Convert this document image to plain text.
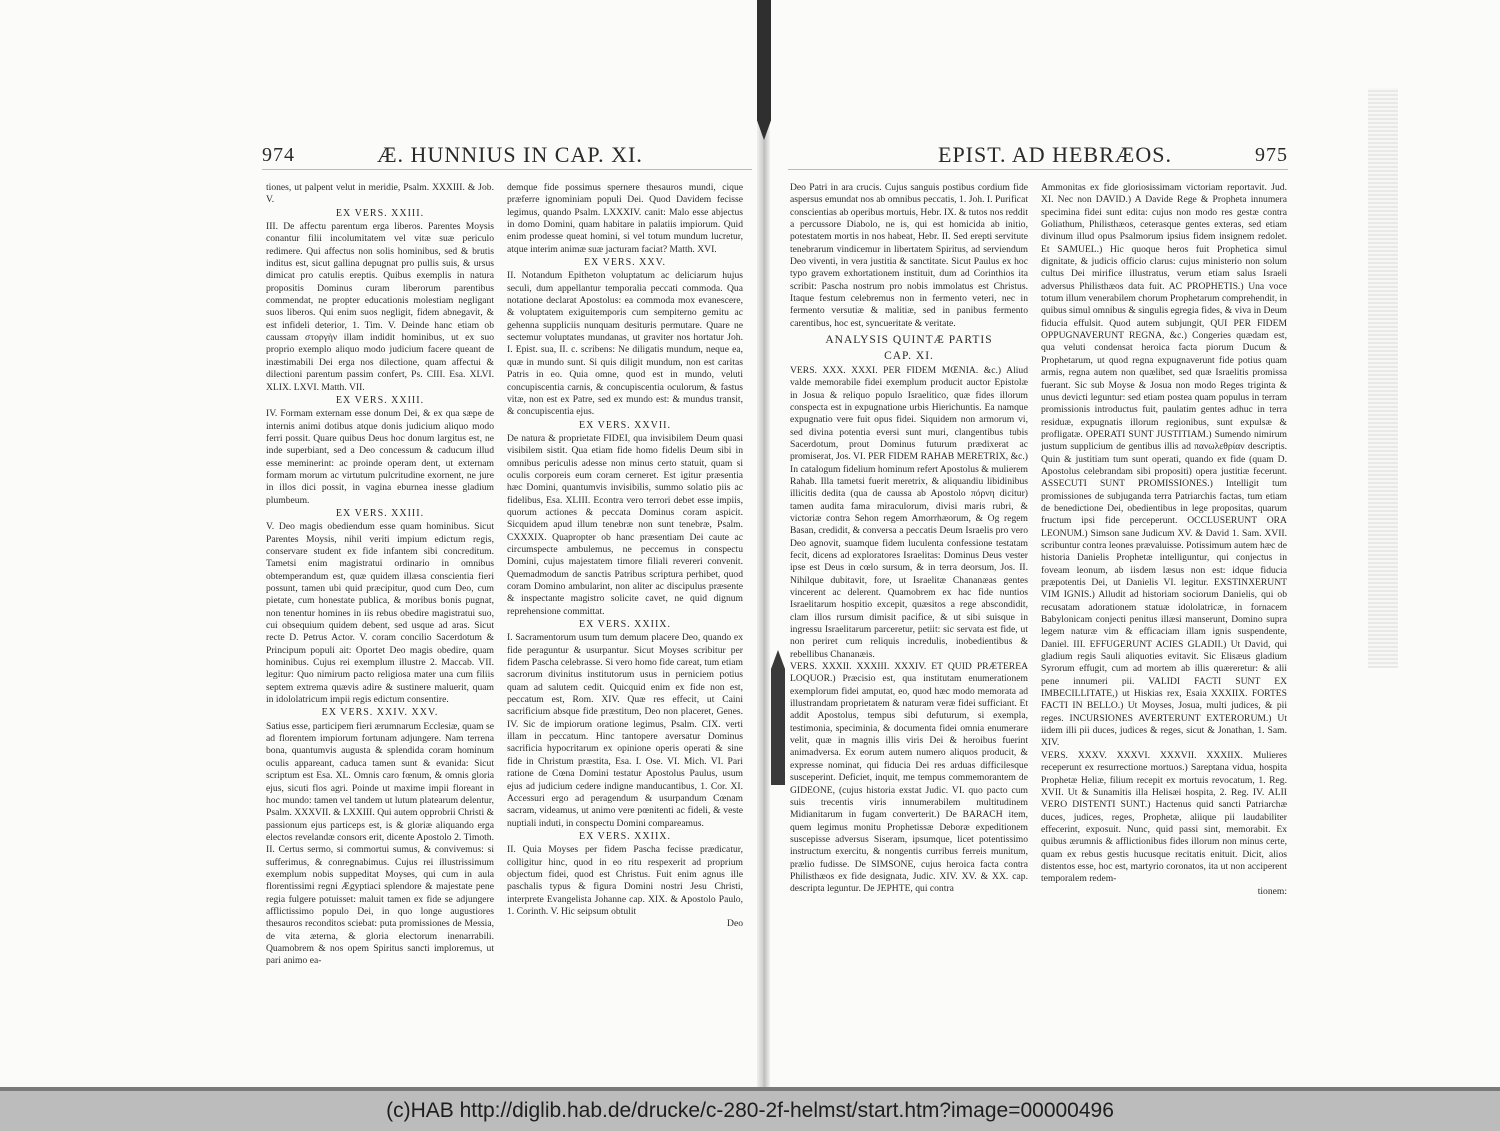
974	Æ. HUNNIUS IN CAP. XI.

tiones, ut palpent velut in meridie, Psalm. XXXIII. & Job. V.

EX VERS. XXIII.

III. De affectu parentum erga liberos. Parentes Moysis conantur filii incolumitatem vel vitæ suæ periculo redimere. Qui affectus non solis hominibus, sed & brutis inditus est, sicut gallina depugnat pro pullis suis, & ursus dimicat pro catulis ereptis. Quibus exemplis in natura propositis Dominus curam liberorum parentibus commendat, ne propter educationis molestiam negligant suos liberos. Qui enim suos negligit, fidem abnegavit, & est infideli deterior, 1. Tim. V. Deinde hanc etiam ob caussam στοργὴν illam indidit hominibus, ut ex suo proprio exemplo aliquo modo judicium facere queant de inæstimabili Dei erga nos dilectione, quam affectui & dilectioni parentum passim confert, Ps. CIII. Esa. XLVI. XLIX. LXVI. Matth. VII.

EX VERS. XXIII.

IV. Formam externam esse donum Dei, & ex qua sæpe de internis animi dotibus atque donis judicium aliquo modo ferri possit. Quare quibus Deus hoc donum largitus est, ne inde superbiant, sed a Deo concessum & caducum illud esse meminerint: ac proinde operam dent, ut externam formam morum ac virtutum pulcritudine exornent, ne jure in illos dici possit, in vagina eburnea inesse gladium plumbeum.

EX VERS. XXIII.

V. Deo magis obediendum esse quam hominibus. Sicut Parentes Moysis, nihil veriti impium edictum regis, conservare student ex fide infantem sibi concreditum. Tametsi enim magistratui ordinario in omnibus obtemperandum est, quæ quidem illæsa conscientia fieri possunt, tamen ubi quid præcipitur, quod cum Deo, cum pietate, cum honestate publica, & moribus bonis pugnat, non tenentur homines in iis rebus obedire magistratui suo, cui obsequium quidem debent, sed usque ad aras. Sicut recte D. Petrus Actor. V. coram concilio Sacerdotum & Principum populi ait: Oportet Deo magis obedire, quam hominibus. Cujus rei exemplum illustre 2. Maccab. VII. legitur: Quo nimirum pacto religiosa mater una cum filiis septem extrema quævis adire & sustinere maluerit, quam in idololatricum impii regis edictum consentire.

EX VERS. XXIV. XXV.

Satius esse, participem fieri ærumnarum Ecclesiæ, quam se ad florentem impiorum fortunam adjungere. Nam terrena bona, quantumvis augusta & splendida coram hominum oculis appareant, caduca tamen sunt & evanida: Sicut scriptum est Esa. XL. Omnis caro fœnum, & omnis gloria ejus, sicuti flos agri. Poinde ut maxime impii floreant in hoc mundo: tamen vel tandem ut lutum platearum delentur, Psalm. XXXVII. & LXXIII. Qui autem opprobrii Christi & passionum ejus particeps est, is & gloriæ aliquando erga electos revelandæ consors erit, dicente Apostolo 2. Timoth. II. Certus sermo, si commortui sumus, & convivemus: si sufferimus, & conregnabimus. Cujus rei illustrissimum exemplum nobis suppeditat Moyses, qui cum in aula florentissimi regni Ægyptiaci splendore & majestate pene regia fulgere potuisset: maluit tamen ex fide se adjungere afflictissimo populo Dei, in quo longe augustiores thesauros reconditos sciebat: puta promissiones de Messia, de vita æterna, & gloria electorum inenarrabili. Quamobrem & nos opem Spiritus sancti imploremus, ut pari animo ea-

demque fide possimus spernere thesauros mundi, cique præferre ignominiam populi Dei. Quod Davidem fecisse legimus, quando Psalm. LXXXIV. canit: Malo esse abjectus in domo Domini, quam habitare in palatiis impiorum. Quid enim prodesse queat homini, si vel totum mundum lucretur, atque interim animæ suæ jacturam faciat? Matth. XVI.

EX VERS. XXV.

II. Notandum Epitheton voluptatum ac deliciarum hujus seculi, dum appellantur temporalia peccati commoda. Qua notatione declarat Apostolus: ea commoda mox evanescere, & voluptatem exiguitemporis cum sempiterno gemitu ac gehenna suppliciis nunquam desituris permutare. Quare ne sectemur voluptates mundanas, ut graviter nos hortatur Joh. I. Epist. sua, II. c. scribens: Ne diligatis mundum, neque ea, quæ in mundo sunt. Si quis diligit mundum, non est caritas Patris in eo. Quia omne, quod est in mundo, veluti concupiscentia carnis, & concupiscentia oculorum, & fastus vitæ, non est ex Patre, sed ex mundo est: & mundus transit, & concupiscentia ejus.

EX VERS. XXVII.

De natura & proprietate FIDEI, qua invisibilem Deum quasi visibilem sistit. Qua etiam fide homo fidelis Deum sibi in omnibus periculis adesse non minus certo statuit, quam si oculis corporeis eum coram cerneret. Est igitur præsentia hæc Domini, quantumvis invisibilis, summo solatio piis ac fidelibus, Esa. XLIII. Econtra vero terrori debet esse impiis, quorum actiones & peccata Dominus coram aspicit. Sicquidem apud illum tenebræ non sunt tenebræ, Psalm. CXXXIX. Quapropter ob hanc præsentiam Dei caute ac circumspecte ambulemus, ne peccemus in conspectu Domini, cujus majestatem timore filiali revereri convenit. Quemadmodum de sanctis Patribus scriptura perhibet, quod coram Domino ambularint, non aliter ac discipulus præsente & inspectante magistro solicite cavet, ne quid dignum reprehensione committat.

EX VERS. XXIIX.

I. Sacramentorum usum tum demum placere Deo, quando ex fide peraguntur & usurpantur. Sicut Moyses scribitur per fidem Pascha celebrasse. Si vero homo fide careat, tum etiam sacrorum divinitus institutorum usus in perniciem potius quam ad salutem cedit. Quicquid enim ex fide non est, peccatum est, Rom. XIV. Quæ res effecit, ut Caini sacrificium absque fide præstitum, Deo non placeret, Genes. IV. Sic de impiorum oratione legimus, Psalm. CIX. verti illam in peccatum. Hinc tantopere aversatur Dominus sacrificia hypocritarum ex opinione operis operati & sine fide in Christum præstita, Esa. I. Ose. VI. Mich. VI. Pari ratione de Cœna Domini testatur Apostolus Paulus, usum ejus ad judicium cedere indigne manducantibus, 1. Cor. XI. Accessuri ergo ad peragendum & usurpandum Cœnam sacram, videamus, ut animo vere pœnitenti ac fideli, & veste nuptiali induti, in conspectu Domini compareamus.

EX VERS. XXIIX.

II. Quia Moyses per fidem Pascha fecisse prædicatur, colligitur hinc, quod in eo ritu respexerit ad proprium objectum fidei, quod est Christus. Fuit enim agnus ille paschalis typus & figura Domini nostri Jesu Christi, interprete Evangelista Johanne cap. XIX. & Apostolo Paulo, 1. Corinth. V. Hic seipsum obtulit

Deo

EPIST. AD HEBRÆOS.	975

Deo Patri in ara crucis. Cujus sanguis postibus cordium fide aspersus emundat nos ab omnibus peccatis, 1. Joh. I. Purificat conscientias ab operibus mortuis, Hebr. IX. & tutos nos reddit a percussore Diabolo, ne is, qui est homicida ab initio, potestatem mortis in nos habeat, Hebr. II. Sed erepti servitute tenebrarum vindicemur in libertatem Spiritus, ad serviendum Deo viventi, in vera justitia & sanctitate. Sicut Paulus ex hoc typo gravem exhortationem instituit, dum ad Corinthios ita scribit: Pascha nostrum pro nobis immolatus est Christus. Itaque festum celebremus non in fermento veteri, nec in fermento versutiæ & malitiæ, sed in panibus fermento carentibus, hoc est, syncueritate & veritate.

ANALYSIS QUINTÆ PARTIS

CAP. XI.

VERS. XXX. XXXI. PER FIDEM MŒNIA. &c.) Aliud valde memorabile fidei exemplum producit auctor Epistolæ in Josua & reliquo populo Israelitico, quæ fides illorum conspecta est in expugnatione urbis Hierichuntis. Ea namque expugnatio vere fuit opus fidei. Siquidem non armorum vi, sed divina potentia eversi sunt muri, clangentibus tubis Sacerdotum, prout Dominus futurum prædixerat ac promiserat, Jos. VI. PER FIDEM RAHAB MERETRIX, &c.) In catalogum fidelium hominum refert Apostolus & mulierem Rahab. Illa tametsi fuerit meretrix, & aliquandiu libidinibus illicitis dedita (qua de caussa ab Apostolo πόρνη dicitur) tamen audita fama miraculorum, divisi maris rubri, & victoriæ contra Sehon regem Amorrhæorum, & Og regem Basan, credidit, & conversa a peccatis Deum Israelis pro vero Deo agnovit, suamque fidem luculenta confessione testatam fecit, dicens ad exploratores Israelitas: Dominus Deus vester ipse est Deus in cœlo sursum, & in terra deorsum, Jos. II. Nihilque dubitavit, fore, ut Israelitæ Chananæas gentes vincerent ac delerent. Quamobrem ex hac fide nuntios Israelitarum hospitio excepit, quæsitos a rege abscondidit, clam illos rursum dimisit pacifice, & ut sibi suisque in ingressu Israelitarum parceretur, petiit: sic servata est fide, ut non periret cum reliquis incredulis, inobedientibus & rebellibus Chananæis.

VERS. XXXII. XXXIII. XXXIV. ET QUID PRÆTEREA LOQUOR.) Præcisio est, qua institutam enumerationem exemplorum fidei amputat, eo, quod hæc modo memorata ad illustrandam proprietatem & naturam veræ fidei sufficiant. Et addit Apostolus, tempus sibi defuturum, si exempla, testimonia, speciminia, & documenta fidei omnia enumerare velit, quæ in magnis illis viris Dei & heroibus fuerint animadversa. Ex eorum autem numero aliquos producit, & expresse nominat, qui fiducia Dei res arduas difficilesque susceperint. Deficiet, inquit, me tempus commemorantem de GIDEONE, (cujus historia exstat Judic. VI. quo pacto cum suis trecentis viris innumerabilem multitudinem Midianitarum in fugam converterit.) De BARACH item, quem legimus monitu Prophetissæ Deboræ expeditionem suscepisse adversus Siseram, ipsumque, licet potentissimo instructum exercitu, & nongentis curribus ferreis munitum, prælio fudisse. De SIMSONE, cujus heroica facta contra Philisthæos ex fide designata, Judic. XIV. XV. & XX. cap. descripta leguntur. De JEPHTE, qui contra

Ammonitas ex fide gloriosissimam victoriam reportavit. Jud. XI. Nec non DAVID.) A Davide Rege & Propheta innumera specimina fidei sunt edita: cujus non modo res gestæ contra Goliathum, Philisthæos, ceterasque gentes exteras, sed etiam divinum illud opus Psalmorum ipsius fidem insignem redolet. Et SAMUEL.) Hic quoque heros fuit Prophetica simul dignitate, & judicis officio clarus: cujus ministerio non solum cultus Dei mirifice illustratus, verum etiam salus Israeli adversus Philisthæos data fuit. AC PROPHETIS.) Una voce totum illum venerabilem chorum Prophetarum comprehendit, in quibus simul omnibus & singulis egregia fides, & viva in Deum fiducia effulsit. Quod autem subjungit, QUI PER FIDEM OPPUGNAVERUNT REGNA, &c.) Congeries quædam est, qua veluti condensat heroica facta piorum Ducum & Prophetarum, ut quod regna expugnaverunt fide potius quam armis, regna autem non quælibet, sed quæ Israelitis promissa fuerant. Sic sub Moyse & Josua non modo Reges triginta & unus devicti leguntur: sed etiam postea quam populus in terram promissionis introductus fuit, paulatim gentes adhuc in terra residuæ, expugnatis illorum regionibus, sunt expulsæ & profligatæ. OPERATI SUNT JUSTITIAM.) Sumendo nimirum justum supplicium de gentibus illis ad πανωλεθρίαν descriptis. Quin & justitiam tum sunt operati, quando ex fide (quam D. Apostolus celebrandam sibi propositi) opera justitiæ fecerunt. ASSECUTI SUNT PROMISSIONES.) Intelligit tum promissiones de subjuganda terra Patriarchis factas, tum etiam de benedictione Dei, obedientibus in lege propositas, quarum fructum ipsi fide perceperunt. OCCLUSERUNT ORA LEONUM.) Simson sane Judicum XV. & David 1. Sam. XVII. scribuntur contra leones prævaluisse. Potissimum autem hæc de historia Danielis Prophetæ intelliguntur, qui conjectus in foveam leonum, ab iisdem læsus non est: idque fiducia præpotentis Dei, ut Danielis VI. legitur. EXSTINXERUNT VIM IGNIS.) Alludit ad historiam sociorum Danielis, qui ob recusatam adorationem statuæ idololatricæ, in fornacem Babylonicam conjecti penitus illæsi manserunt, Domino supra legem naturæ vim & efficaciam illam ignis suspendente, Daniel. III. EFFUGERUNT ACIES GLADII.) Ut David, qui gladium regis Sauli aliquoties evitavit. Sic Elisæus gladium Syrorum effugit, cum ad mortem ab illis quæreretur: & alii pene innumeri pii. VALIDI FACTI SUNT EX IMBECILLITATE,) ut Hiskias rex, Esaia XXXIIX. FORTES FACTI IN BELLO.) Ut Moyses, Josua, multi judices, & pii reges. INCURSIONES AVERTERUNT EXTERORUM.) Ut iidem illi pii duces, judices & reges, sicut & Jonathan, 1. Sam. XIV.

VERS. XXXV. XXXVI. XXXVII. XXXIIX. Mulieres receperunt ex resurrectione mortuos.) Sareptana vidua, hospita Prophetæ Heliæ, filium recepit ex mortuis revocatum, 1. Reg. XVII. Ut & Sunamitis illa Helisæi hospita, 2. Reg. IV. ALII VERO DISTENTI SUNT.) Hactenus quid sancti Patriarchæ duces, judices, reges, Prophetæ, aliique pii laudabiliter effecerint, exposuit. Nunc, quid passi sint, memorabit. Ex quibus ærumnis & afflictionibus fides illorum non minus certe, quam ex rebus gestis hucusque recitatis enituit. Dicit, alios distentos esse, hoc est, martyrio coronatos, ita ut non acciperent temporalem redem-

tionem:

(c)HAB http://diglib.hab.de/drucke/c-280-2f-helmst/start.htm?image=00000496
